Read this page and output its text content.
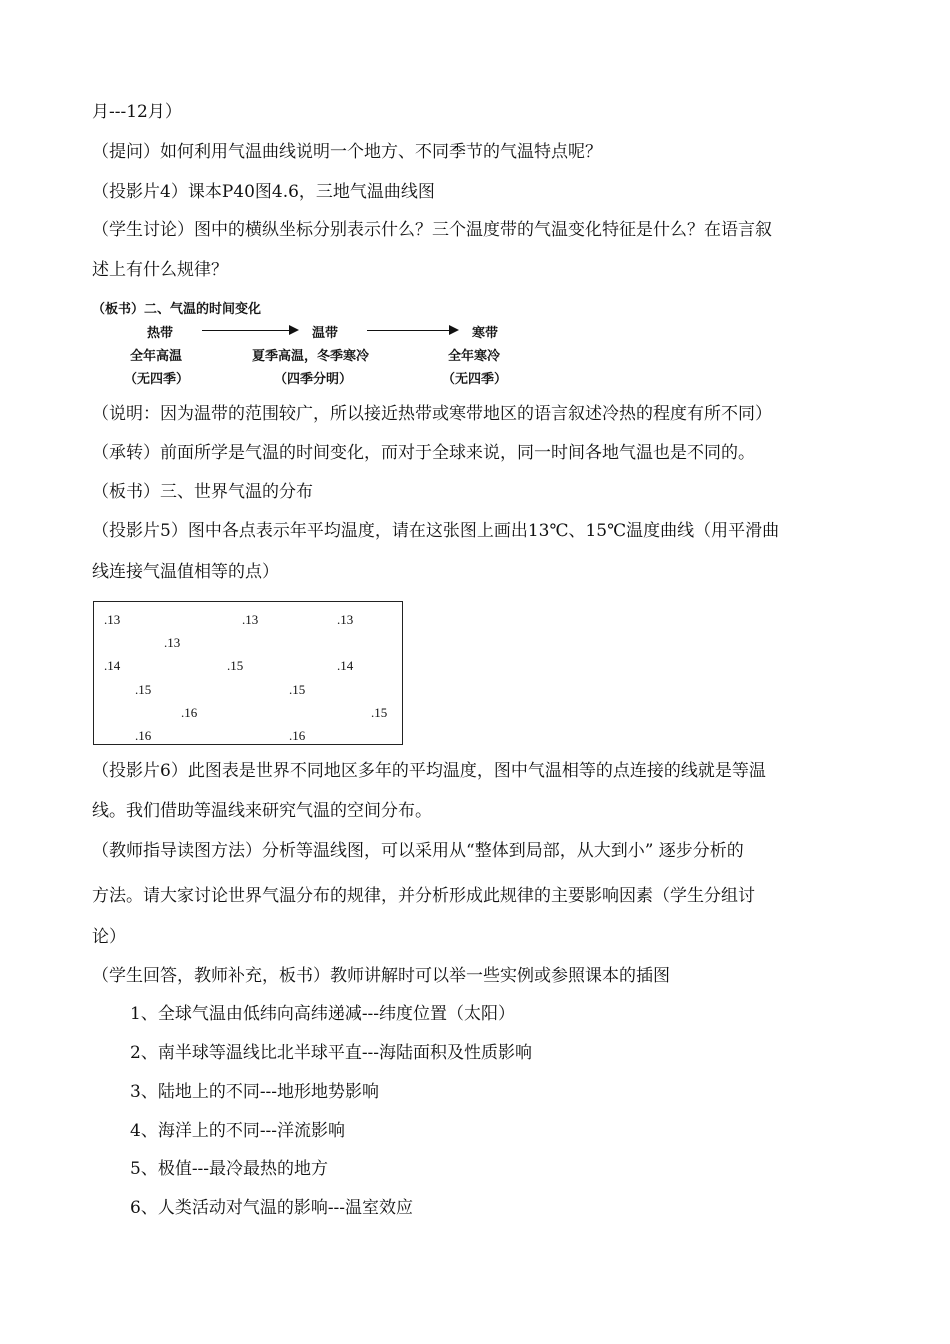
月---12月）
（提问）如何利用气温曲线说明一个地方、不同季节的气温特点呢？
（投影片4）课本P40图4.6，三地气温曲线图
（学生讨论）图中的横纵坐标分别表示什么？三个温度带的气温变化特征是什么？在语言叙
述上有什么规律？
（板书）二、气温的时间变化
热带	温带	寒带
全年高温	夏季高温，冬季寒冷	全年寒冷
（无四季）	（四季分明）	（无四季）
（说明：因为温带的范围较广，所以接近热带或寒带地区的语言叙述冷热的程度有所不同）
（承转）前面所学是气温的时间变化，而对于全球来说，同一时间各地气温也是不同的。
（板书）三、世界气温的分布
（投影片5）图中各点表示年平均温度，请在这张图上画出13℃、15℃温度曲线（用平滑曲
线连接气温值相等的点）
.13	.13	.13
.13
.14	.15	.14
.15	.15
.16	.15
.16	.16
（投影片6）此图表是世界不同地区多年的平均温度，图中气温相等的点连接的线就是等温
线。我们借助等温线来研究气温的空间分布。
（教师指导读图方法）分析等温线图，可以采用从“整体到局部，从大到小” 逐步分析的
方法。请大家讨论世界气温分布的规律，并分析形成此规律的主要影响因素（学生分组讨
论）
（学生回答，教师补充，板书）教师讲解时可以举一些实例或参照课本的插图
1、全球气温由低纬向高纬递减---纬度位置（太阳）
2、南半球等温线比北半球平直---海陆面积及性质影响
3、陆地上的不同---地形地势影响
4、海洋上的不同---洋流影响
5、极值---最冷最热的地方
6、人类活动对气温的影响---温室效应
